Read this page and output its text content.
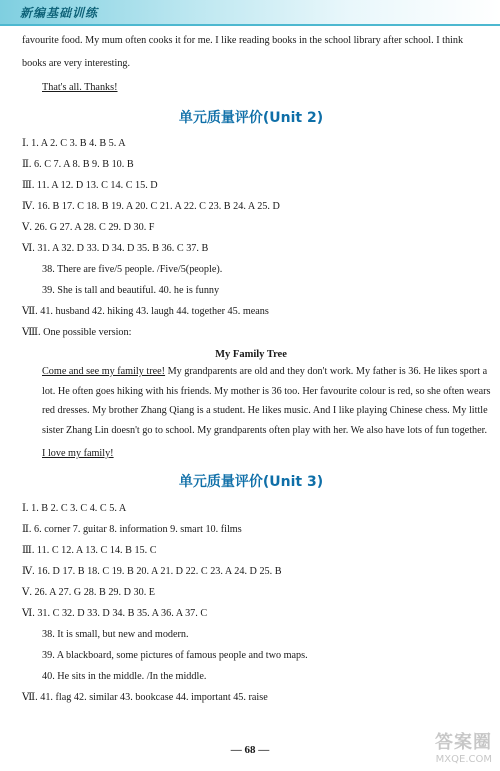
新编基础训练

favourite food. My mum often cooks it for me. I like reading books in the school library after school. I think

books are very interesting.

That's all. Thanks!

单元质量评价(Unit 2)

Ⅰ. 1. A 2. C 3. B 4. B 5. A

Ⅱ. 6. C 7. A 8. B 9. B 10. B

Ⅲ. 11. A 12. D 13. C 14. C 15. D

Ⅳ. 16. B 17. C 18. B 19. A 20. C 21. A 22. C 23. B 24. A 25. D

Ⅴ. 26. G 27. A 28. C 29. D 30. F

Ⅵ. 31. A 32. D 33. D 34. D 35. B 36. C 37. B

38. There are five/5 people. /Five/5(people).

39. She is tall and beautiful. 40. he is funny

Ⅶ. 41. husband 42. hiking 43. laugh 44. together 45. means

Ⅷ. One possible version:

My Family Tree

Come and see my family tree! My grandparents are old and they don't work. My father is 36. He likes sport a lot. He often goes hiking with his friends. My mother is 36 too. Her favourite colour is red, so she often wears red dresses. My brother Zhang Qiang is a student. He likes music. And I like playing Chinese chess. My little sister Zhang Lin doesn't go to school. My grandparents often play with her. We also have lots of fun together.

I love my family!

单元质量评价(Unit 3)

Ⅰ. 1. B 2. C 3. C 4. C 5. A

Ⅱ. 6. corner 7. guitar 8. information 9. smart 10. films

Ⅲ. 11. C 12. A 13. C 14. B 15. C

Ⅳ. 16. D 17. B 18. C 19. B 20. A 21. D 22. C 23. A 24. D 25. B

Ⅴ. 26. A 27. G 28. B 29. D 30. E

Ⅵ. 31. C 32. D 33. D 34. B 35. A 36. A 37. C

38. It is small, but new and modern.

39. A blackboard, some pictures of famous people and two maps.

40. He sits in the middle. /In the middle.

Ⅶ. 41. flag 42. similar 43. bookcase 44. important 45. raise

— 68 —	答案圈
MXQE.COM
